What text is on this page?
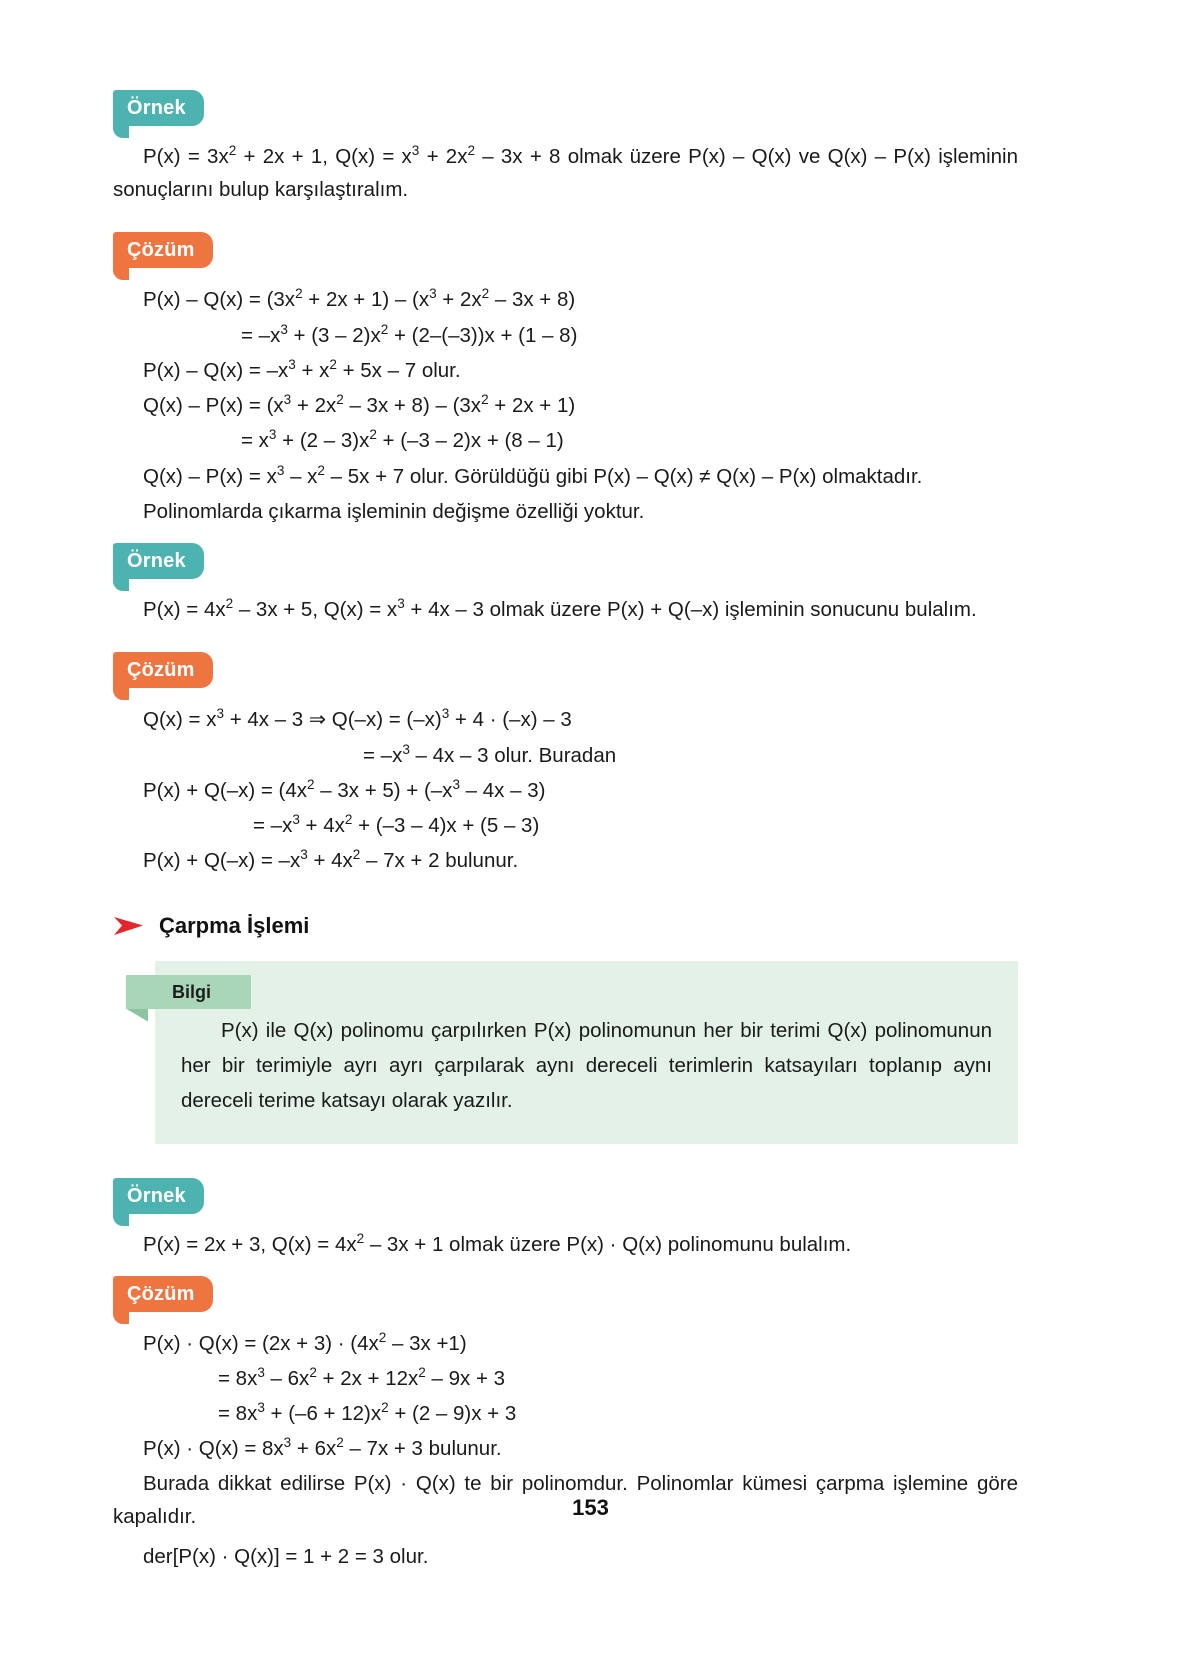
Örnek

$P(x) = 3x^2 + 2x + 1$, $Q(x) = x^3 + 2x^2 - 3x + 8$ olmak üzere P(x) – Q(x) ve Q(x) – P(x) işleminin sonuçlarını bulup karşılaştıralım.

Çözüm
$P(x) - Q(x) = (3x^2 + 2x + 1) - (x^3 + 2x^2 - 3x + 8)$
= $-x^3 + (3 - 2)x^2 + (2-(-3))x + (1 - 8)$
$P(x) - Q(x) = -x^3 + x^2 + 5x - 7$ olur.
$Q(x) - P(x) = (x^3 + 2x^2 - 3x + 8) - (3x^2 + 2x + 1)$
= $x^3 + (2 - 3)x^2 + (-3 - 2)x + (8 - 1)$
$Q(x) - P(x) = x^3 - x^2 - 5x + 7$ olur. Görüldüğü gibi P(x) – Q(x) ≠ Q(x) – P(x) olmaktadır.
Polinomlarda çıkarma işleminin değişme özelliği yoktur.
Örnek

$P(x) = 4x^2 - 3x + 5$, $Q(x) = x^3 + 4x - 3$ olmak üzere P(x) + Q(–x) işleminin sonucunu bulalım.

Çözüm
$Q(x) = x^3 + 4x - 3$ ⇒ $Q(-x) = (-x)^3 + 4 \cdot (-x) - 3$
= $-x^3 - 4x - 3$ olur. Buradan
$P(x) + Q(-x) = (4x^2 - 3x + 5) + (-x^3 - 4x - 3)$
= $-x^3 + 4x^2 + (-3 - 4)x + (5 - 3)$
$P(x) + Q(-x) = -x^3 + 4x^2 - 7x + 2$ bulunur.
Çarpma İşlemi
Bilgi
P(x) ile Q(x) polinomu çarpılırken P(x) polinomunun her bir terimi Q(x) polinomunun her bir terimiyle ayrı ayrı çarpılarak aynı dereceli terimlerin katsayıları toplanıp aynı dereceli terime katsayı olarak yazılır.
Örnek

P(x) = 2x + 3, $Q(x) = 4x^2 - 3x + 1$ olmak üzere P(x) · Q(x) polinomunu bulalım.

Çözüm
$P(x) \cdot Q(x) = (2x + 3) \cdot (4x^2 - 3x +1)$
= $8x^3 - 6x^2 + 2x + 12x^2 - 9x + 3$
= $8x^3 + (-6 + 12)x^2 + (2 - 9)x + 3$
$P(x) \cdot Q(x) = 8x^3 + 6x^2 - 7x + 3$ bulunur.

Burada dikkat edilirse P(x) · Q(x) te bir polinomdur. Polinomlar kümesi çarpma işlemine göre kapalıdır.

der[P(x) · Q(x)] = 1 + 2 = 3 olur.
153
